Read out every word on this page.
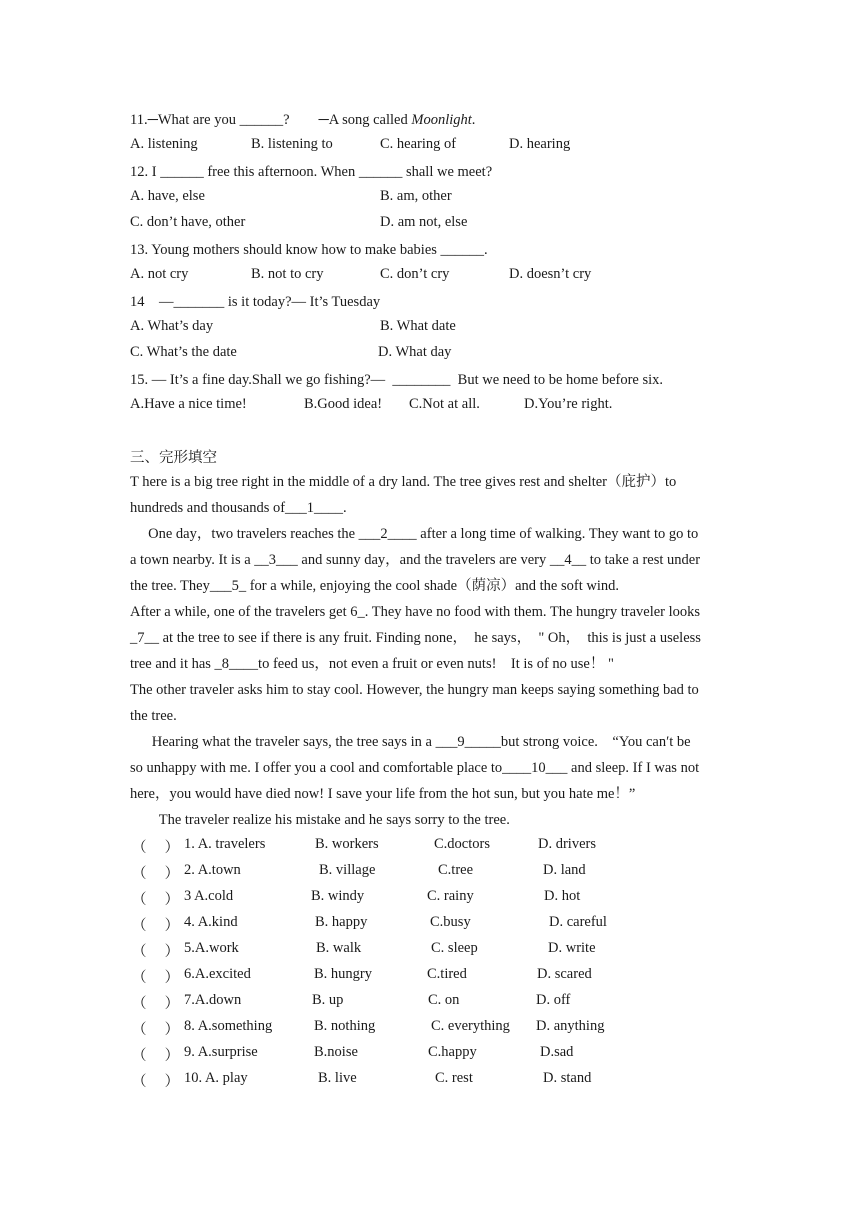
11.─What are you ______?        ─A song called Moonlight.
A. listening	B. listening to	C. hearing of	D. hearing
12. I ______ free this afternoon. When ______ shall we meet?
A. have, else	B. am, other
C. don’t have, other	D. am not, else
13. Young mothers should know how to make babies ______.
A. not cry	B. not to cry	C. don’t cry	D. doesn’t cry
14    —_______ is it today?— It’s Tuesday
A. What’s day	B. What date
C. What’s the date	D. What day
15. — It’s a fine day.Shall we go fishing?—  ________  But we need to be home before six.
A.Have a nice time!	B.Good idea! C.Not at all.	D.You’re right.
三、完形填空
T here is a big tree right in the middle of a dry land. The tree gives rest and shelter（庇护）to
hundreds and thousands of___1____.
One day，two travelers reaches the ___2____ after a long time of walking. They want to go to
a town nearby. It is a __3___ and sunny day，and the travelers are very __4__ to take a rest under
the tree. They___5_ for a while, enjoying the cool shade（荫凉）and the soft wind.
After a while, one of the travelers get 6_. They have no food with them. The hungry traveler looks
_7__ at the tree to see if there is any fruit. Finding none，  he says，  " Oh，  this is just a useless
tree and it has _8____to feed us，not even a fruit or even nuts!    It is of no use！ "
The other traveler asks him to stay cool. However, the hungry man keeps saying something bad to
the tree.
Hearing what the traveler says, the tree says in a ___9_____but strong voice.    “You can′t be
so unhappy with me. I offer you a cool and comfortable place to____10___ and sleep. If I was not
here，you would have died now! I save your life from the hot sun, but you hate me！”
The traveler realize his mistake and he says sorry to the tree.
（     ） 1. A. travelers	B. workers	C.doctors	D. drivers
（     ） 2. A.town	B. village	C.tree	D. land
（     ） 3 A.cold	B. windy	C. rainy	D. hot
（     ） 4. A.kind	B. happy	C.busy	D. careful
（     ） 5.A.work	B. walk	C. sleep	D. write
（     ） 6.A.excited	B. hungry	C.tired	D. scared
（     ） 7.A.down	B. up	C. on	D. off
（     ） 8. A.something	B. nothing	C. everything D. anything
（     ） 9. A.surprise	B.noise	C.happy	D.sad
（     ） 10. A. play	B. live	C. rest	D. stand
